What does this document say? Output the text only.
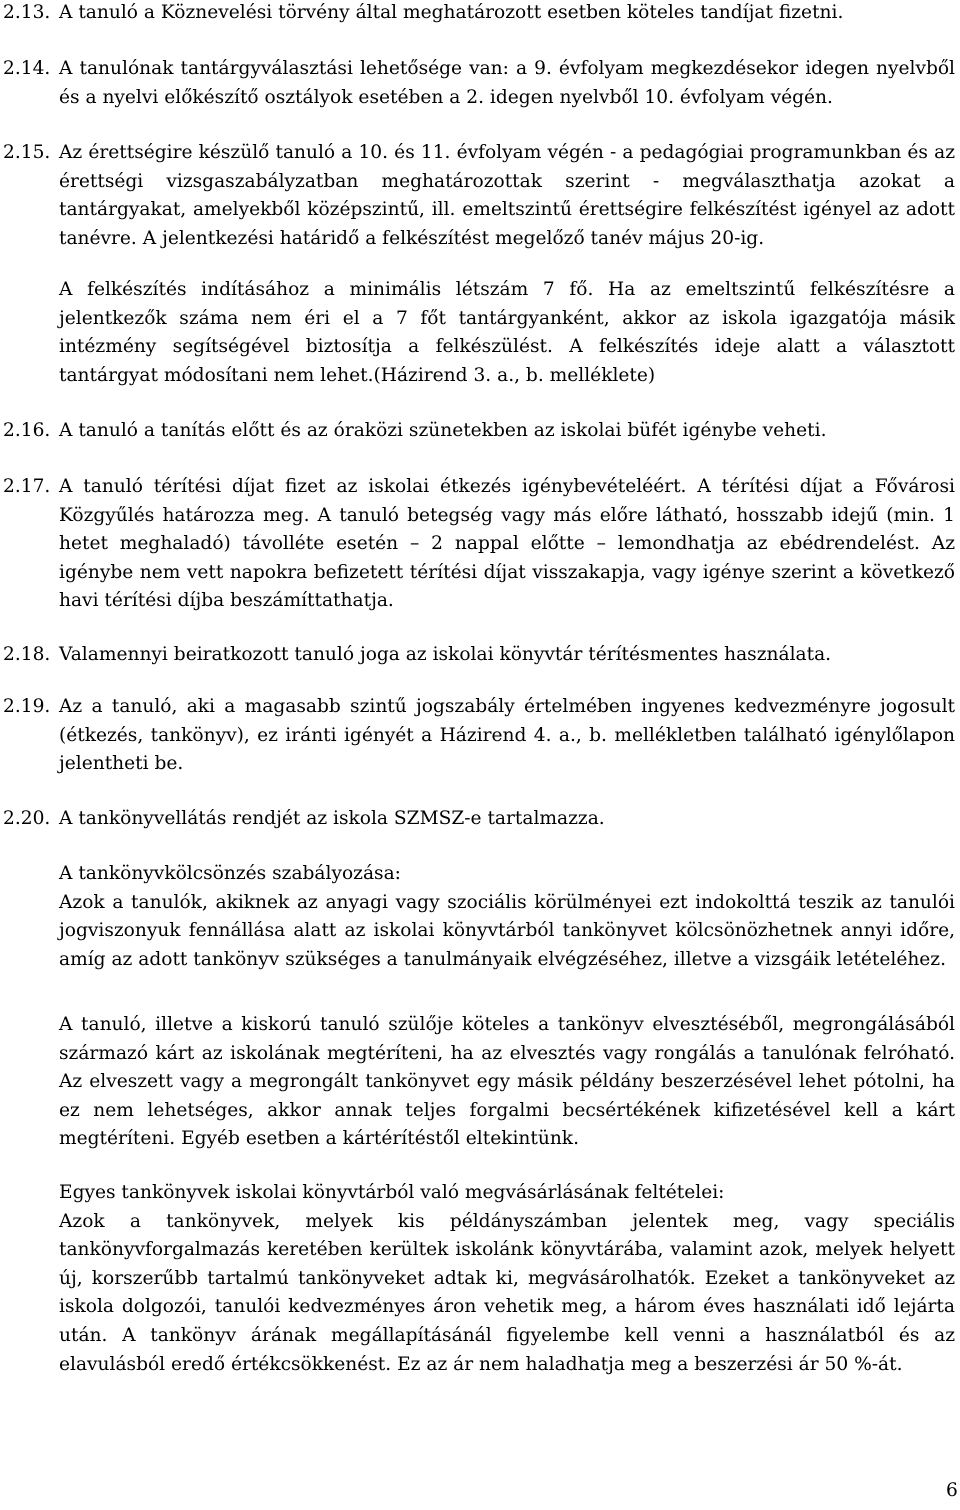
2.13. A tanuló a Köznevelési törvény által meghatározott esetben köteles tandíjat fizetni.

2.14. A tanulónak tantárgyválasztási lehetősége van: a 9. évfolyam megkezdésekor idegen nyelvből és a nyelvi előkészítő osztályok esetében a 2. idegen nyelvből 10. évfolyam végén.

2.15. Az érettségire készülő tanuló a 10. és 11. évfolyam végén - a pedagógiai programunkban és az érettségi vizsgaszabályzatban meghatározottak szerint - megválaszthatja azokat a tantárgyakat, amelyekből középszintű, ill. emeltszintű érettségire felkészítést igényel az adott tanévre. A jelentkezési határidő a felkészítést megelőző tanév május 20-ig.

A felkészítés indításához a minimális létszám 7 fő. Ha az emeltszintű felkészítésre a jelentkezők száma nem éri el a 7 főt tantárgyanként, akkor az iskola igazgatója másik intézmény segítségével biztosítja a felkészülést. A felkészítés ideje alatt a választott tantárgyat módosítani nem lehet.(Házirend 3. a., b. melléklete)

2.16. A tanuló a tanítás előtt és az óraközi szünetekben az iskolai büfét igénybe veheti.

2.17. A tanuló térítési díjat fizet az iskolai étkezés igénybevételéért. A térítési díjat a Fővárosi Közgyűlés határozza meg. A tanuló betegség vagy más előre látható, hosszabb idejű (min. 1 hetet meghaladó) távolléte esetén – 2 nappal előtte – lemondhatja az ebédrendelést. Az igénybe nem vett napokra befizetett térítési díjat visszakapja, vagy igénye szerint a következő havi térítési díjba beszámíttathatja.

2.18. Valamennyi beiratkozott tanuló joga az iskolai könyvtár térítésmentes használata.

2.19. Az a tanuló, aki a magasabb szintű jogszabály értelmében ingyenes kedvezményre jogosult (étkezés, tankönyv), ez iránti igényét a Házirend 4. a., b. mellékletben található igénylőlapon jelentheti be.

2.20. A tankönyvellátás rendjét az iskola SZMSZ-e tartalmazza.

A tankönyvkölcsönzés szabályozása:
Azok a tanulók, akiknek az anyagi vagy szociális körülményei ezt indokolttá teszik az tanulói jogviszonyuk fennállása alatt az iskolai könyvtárból tankönyvet kölcsönözhetnek annyi időre, amíg az adott tankönyv szükséges a tanulmányaik elvégzéséhez, illetve a vizsgáik letételéhez.

A tanuló, illetve a kiskorú tanuló szülője köteles a tankönyv elvesztéséből, megrongálásából származó kárt az iskolának megtéríteni, ha az elvesztés vagy rongálás a tanulónak felróható. Az elveszett vagy a megrongált tankönyvet egy másik példány beszerzésével lehet pótolni, ha ez nem lehetséges, akkor annak teljes forgalmi becsértékének kifizetésével kell a kárt megtéríteni. Egyéb esetben a kártérítéstől eltekintünk.

Egyes tankönyvek iskolai könyvtárból való megvásárlásának feltételei:
Azok a tankönyvek, melyek kis példányszámban jelentek meg, vagy speciális tankönyvforgalmazás keretében kerültek iskolánk könyvtárába, valamint azok, melyek helyett új, korszerűbb tartalmú tankönyveket adtak ki, megvásárolhatók. Ezeket a tankönyveket az iskola dolgozói, tanulói kedvezményes áron vehetik meg, a három éves használati idő lejárta után. A tankönyv árának megállapításánál figyelembe kell venni a használatból és az elavulásból eredő értékcsökkenést. Ez az ár nem haladhatja meg a beszerzési ár 50 %-át.
6
